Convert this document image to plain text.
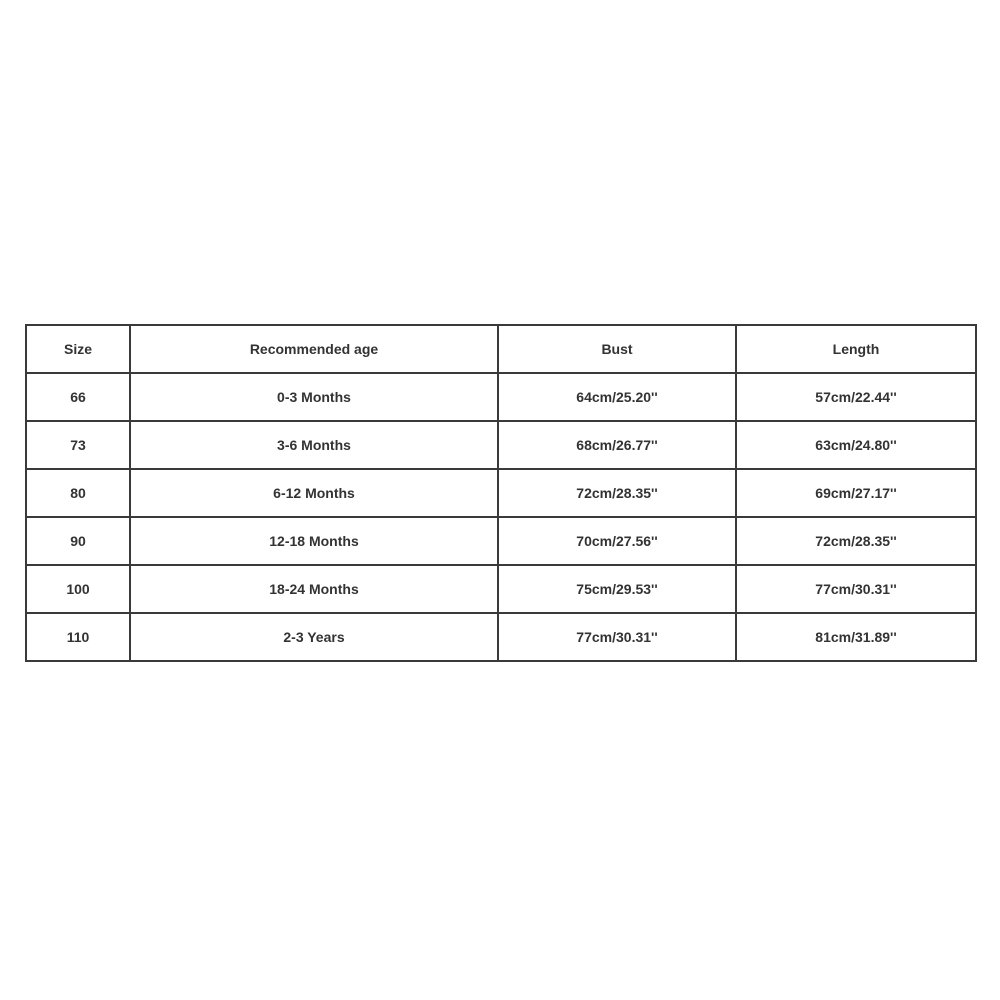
Size	Recommended age	Bust	Length
66	0-3 Months	64cm/25.20''	57cm/22.44''
73	3-6 Months	68cm/26.77''	63cm/24.80''
80	6-12 Months	72cm/28.35''	69cm/27.17''
90	12-18 Months	70cm/27.56''	72cm/28.35''
100	18-24 Months	75cm/29.53''	77cm/30.31''
110	2-3 Years	77cm/30.31''	81cm/31.89''
